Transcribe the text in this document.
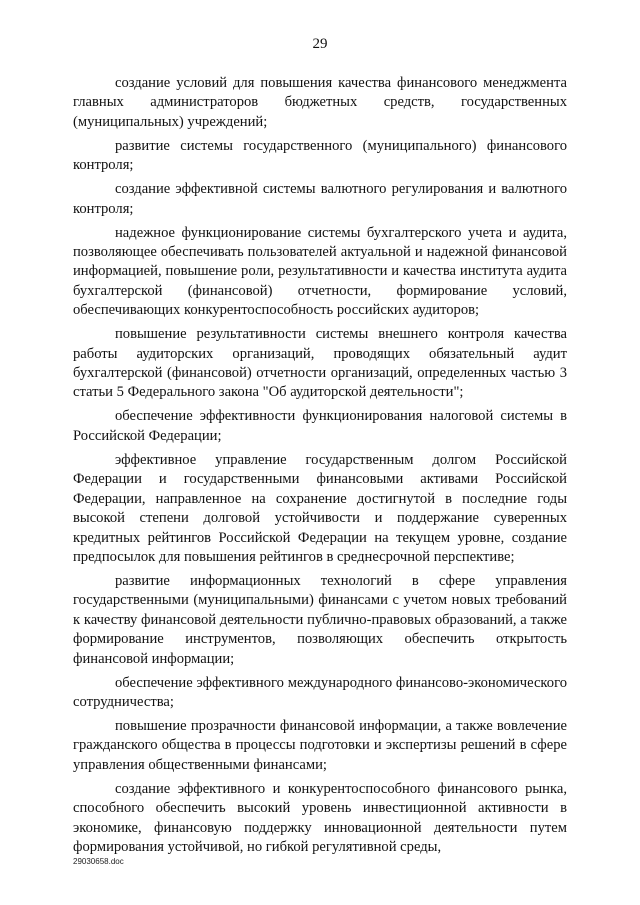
29

создание условий для повышения качества финансового менеджмента главных администраторов бюджетных средств, государственных (муниципальных) учреждений;

развитие системы государственного (муниципального) финансового контроля;

создание эффективной системы валютного регулирования и валютного контроля;

надежное функционирование системы бухгалтерского учета и аудита, позволяющее обеспечивать пользователей актуальной и надежной финансовой информацией, повышение роли, результативности и качества института аудита бухгалтерской (финансовой) отчетности, формирование условий, обеспечивающих конкурентоспособность российских аудиторов;

повышение результативности системы внешнего контроля качества работы аудиторских организаций, проводящих обязательный аудит бухгалтерской (финансовой) отчетности организаций, определенных частью 3 статьи 5 Федерального закона "Об аудиторской деятельности";

обеспечение эффективности функционирования налоговой системы в Российской Федерации;

эффективное управление государственным долгом Российской Федерации и государственными финансовыми активами Российской Федерации, направленное на сохранение достигнутой в последние годы высокой степени долговой устойчивости и поддержание суверенных кредитных рейтингов Российской Федерации на текущем уровне, создание предпосылок для повышения рейтингов в среднесрочной перспективе;

развитие информационных технологий в сфере управления государственными (муниципальными) финансами с учетом новых требований к качеству финансовой деятельности публично-правовых образований, а также формирование инструментов, позволяющих обеспечить открытость финансовой информации;

обеспечение эффективного международного финансово-экономического сотрудничества;

повышение прозрачности финансовой информации, а также вовлечение гражданского общества в процессы подготовки и экспертизы решений в сфере управления общественными финансами;

создание эффективного и конкурентоспособного финансового рынка, способного обеспечить высокий уровень инвестиционной активности в экономике, финансовую поддержку инновационной деятельности путем формирования устойчивой, но гибкой регулятивной среды,

29030658.doc
